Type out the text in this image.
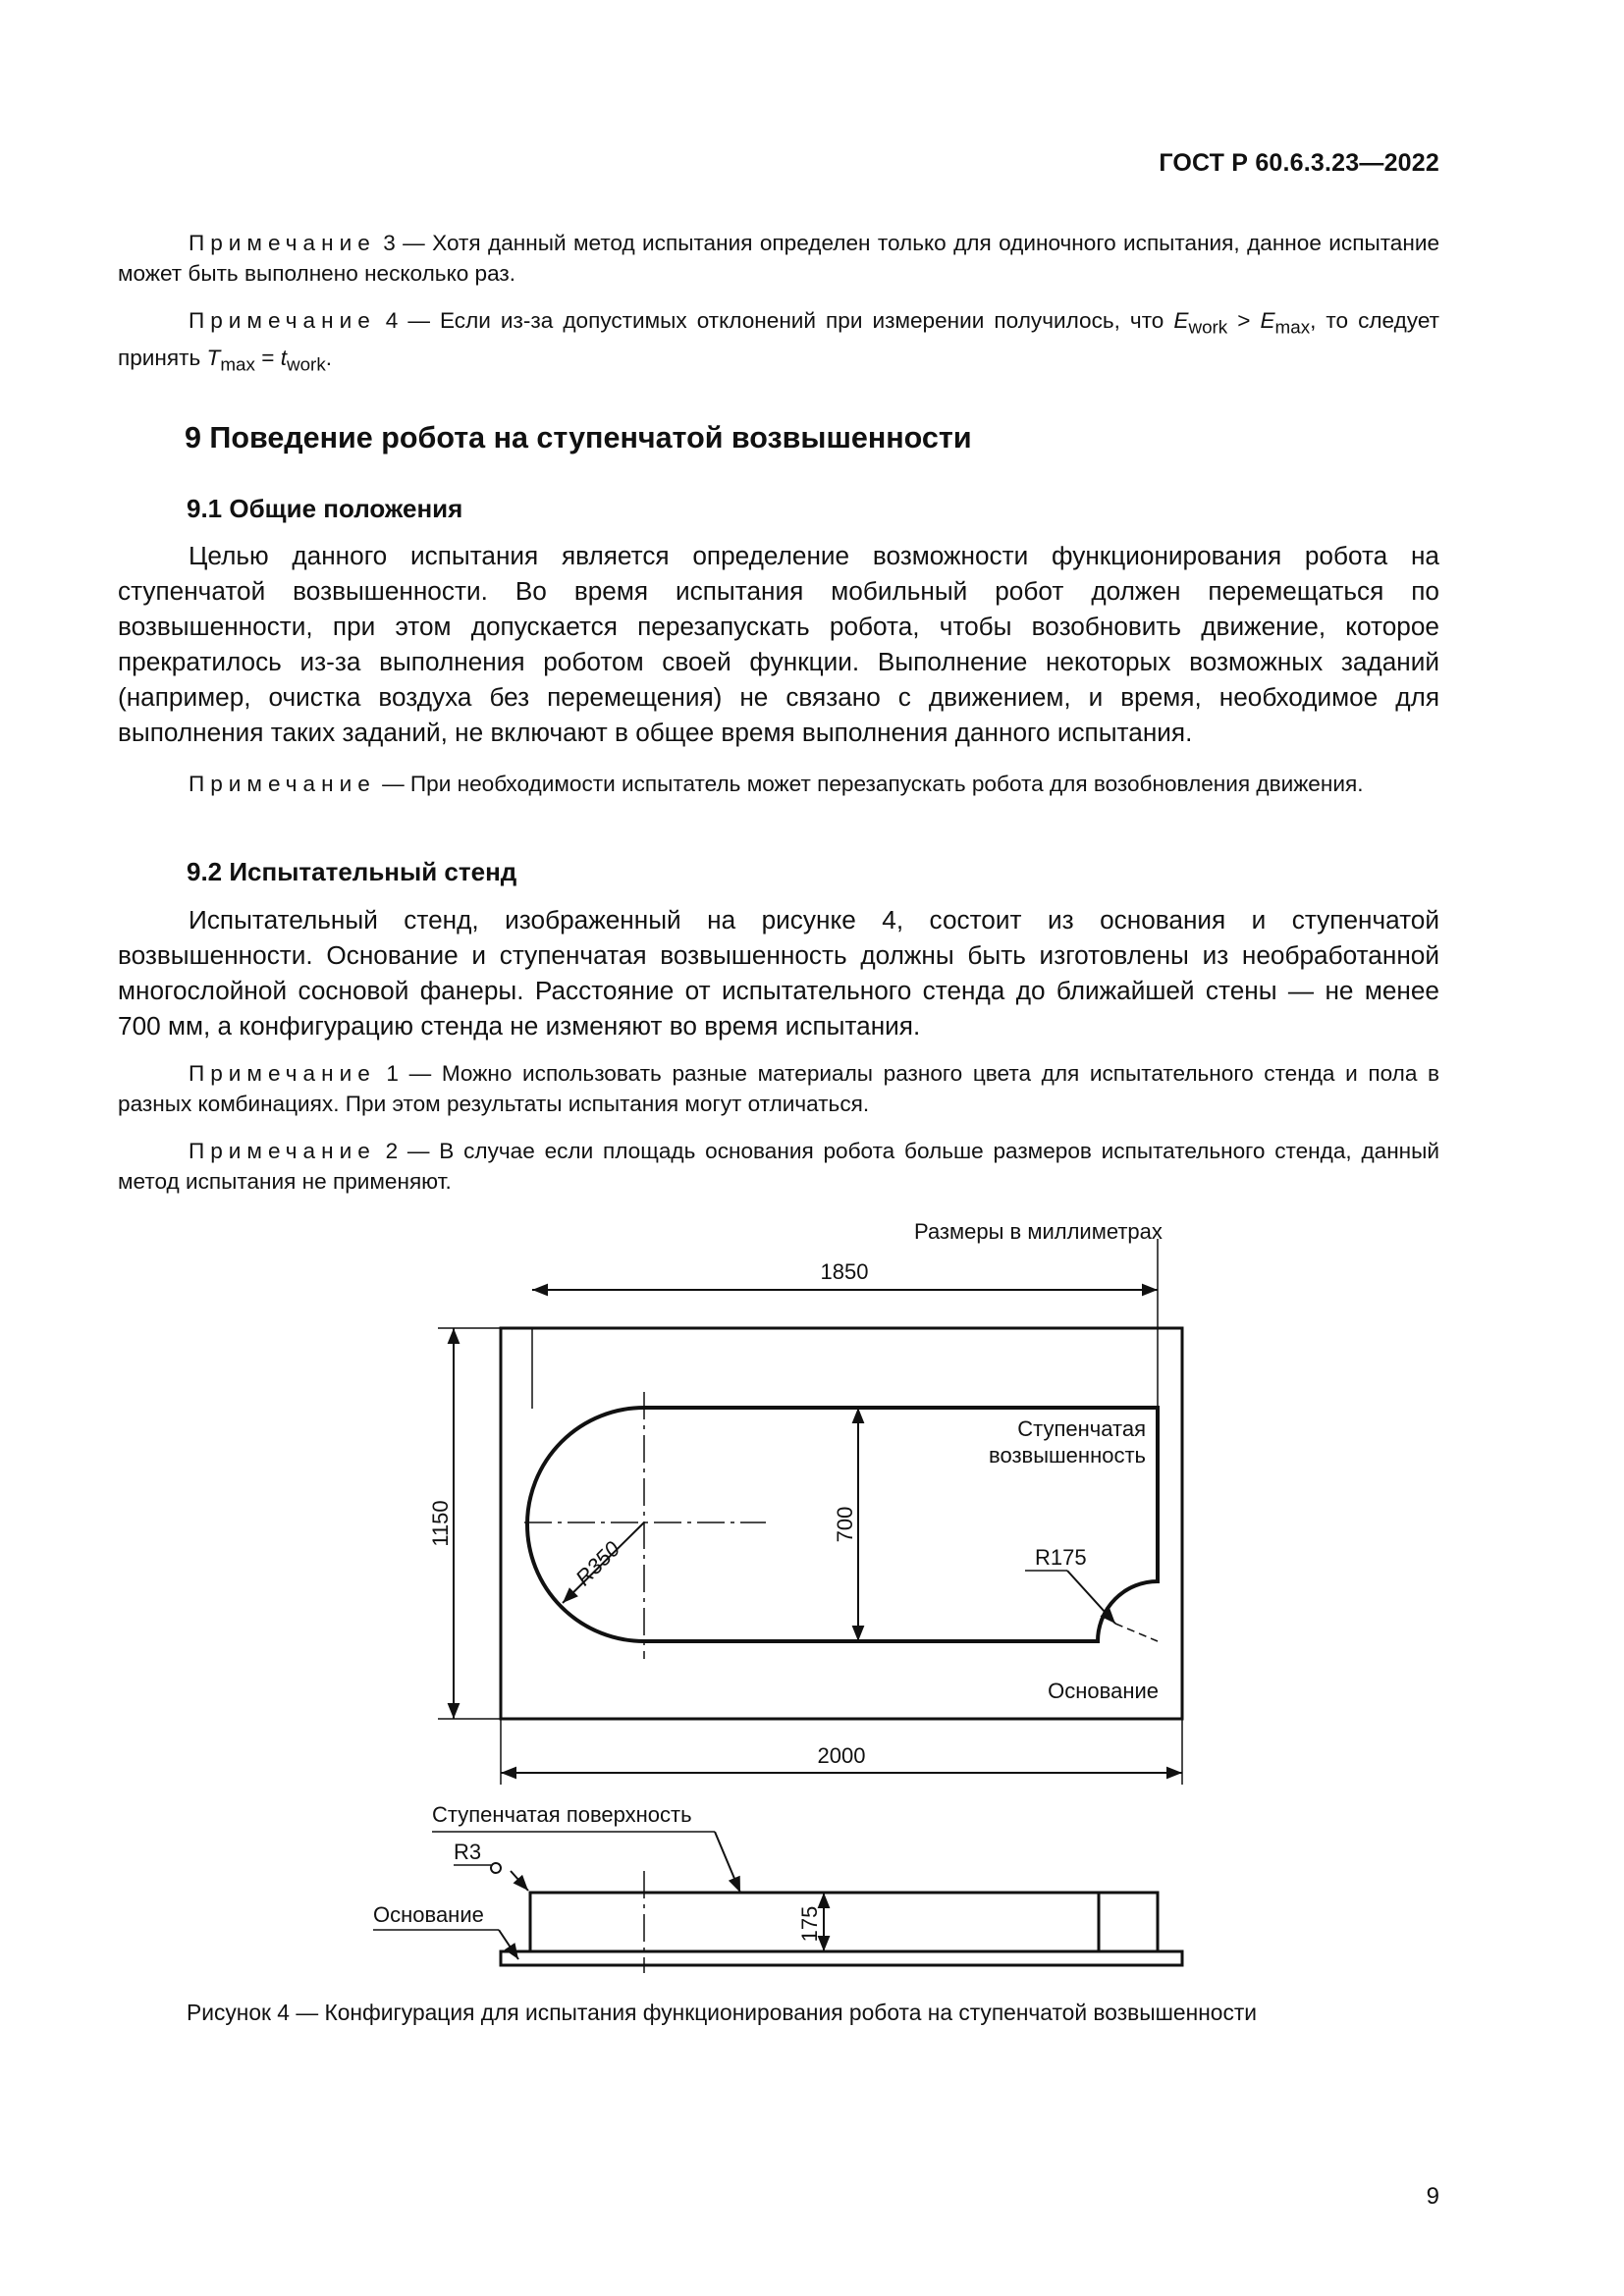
ГОСТ Р 60.6.3.23—2022
Примечание 3 — Хотя данный метод испытания определен только для одиночного испытания, данное испытание может быть выполнено несколько раз.
Примечание 4 — Если из-за допустимых отклонений при измерении получилось, что $E_{work} > E_{max}$, то следует принять $T_{max} = t_{work}$.
9 Поведение робота на ступенчатой возвышенности
9.1 Общие положения
Целью данного испытания является определение возможности функционирования робота на ступенчатой возвышенности. Во время испытания мобильный робот должен перемещаться по возвышенности, при этом допускается перезапускать робота, чтобы возобновить движение, которое прекратилось из-за выполнения роботом своей функции. Выполнение некоторых возможных заданий (например, очистка воздуха без перемещения) не связано с движением, и время, необходимое для выполнения таких заданий, не включают в общее время выполнения данного испытания.
Примечание — При необходимости испытатель может перезапускать робота для возобновления движения.
9.2 Испытательный стенд
Испытательный стенд, изображенный на рисунке 4, состоит из основания и ступенчатой возвышенности. Основание и ступенчатая возвышенность должны быть изготовлены из необработанной многослойной сосновой фанеры. Расстояние от испытательного стенда до ближайшей стены — не менее 700 мм, а конфигурацию стенда не изменяют во время испытания.
Примечание 1 — Можно использовать разные материалы разного цвета для испытательного стенда и пола в разных комбинациях. При этом результаты испытания могут отличаться.
Примечание 2 — В случае если площадь основания робота больше размеров испытательного стенда, данный метод испытания не применяют.
Размеры в миллиметрах
1850
1150	700
R350	R175
Ступенчатая
возвышенность
Основание
2000
175
Ступенчатая поверхность
R3
Основание
Рисунок 4 — Конфигурация для испытания функционирования робота на ступенчатой возвышенности
9
